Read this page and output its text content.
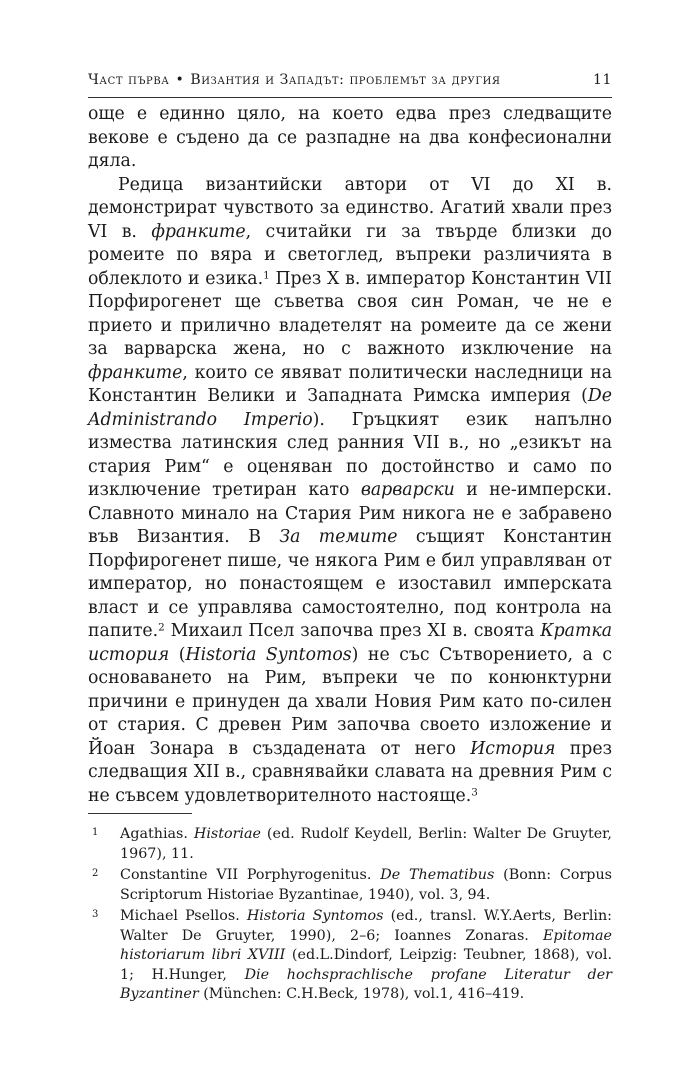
Част първа • Византия и Западът: проблемът за другия	11

още е единно цяло, на което едва през следващите векове е съдено да се разпадне на два конфесионални дяла.

Редица византийски автори от VI до XI в. демонстрират чувството за единство. Агатий хвали през VI в. франките, считайки ги за твърде близки до ромеите по вяра и светоглед, въпреки различията в облеклото и езика.$^1$ През X в. император Константин VII Порфирогенет ще съветва своя син Роман, че не е прието и прилично владетелят на ромеите да се жени за варварска жена, но с важното изключение на франките, които се явяват политически наследници на Константин Велики и Западната Римска империя (De Administrando Imperio). Гръцкият език напълно измества латинския след ранния VII в., но „езикът на стария Рим“ е оценяван по достойнство и само по изключение третиран като варварски и не-имперски. Славното минало на Стария Рим никога не е забравено във Византия. В За темите същият Константин Порфирогенет пише, че някога Рим е бил управляван от император, но понастоящем е изоставил имперската власт и се управлява самостоятелно, под контрола на папите.$^2$ Михаил Псел започва през XI в. своята Кратка история (Historia Syntomos) не със Сътворението, а с основаването на Рим, въпреки че по конюнктурни причини е принуден да хвали Новия Рим като по-силен от стария. С древен Рим започва своето изложение и Йоан Зонара в създадената от него История през следващия XII в., сравнявайки славата на древния Рим с не съвсем удовлетворителното настояще.$^3$

1	Agathias. Historiae (ed. Rudolf Keydell, Berlin: Walter De Gruyter, 1967), 11.
2	Constantine VII Porphyrogenitus. De Thematibus (Bonn: Corpus Scriptorum Historiae Byzantinae, 1940), vol. 3, 94.
3	Michael Psellos. Historia Syntomos (ed., transl. W.Y.Aerts, Berlin: Walter De Gruyter, 1990), 2–6; Ioannes Zonaras. Epitomae historiarum libri XVIII (ed.L.Dindorf, Leipzig: Teubner, 1868), vol. 1; H.Hunger, Die hochsprachlische profane Literatur der Byzantiner (München: C.H.Beck, 1978), vol.1, 416–419.
